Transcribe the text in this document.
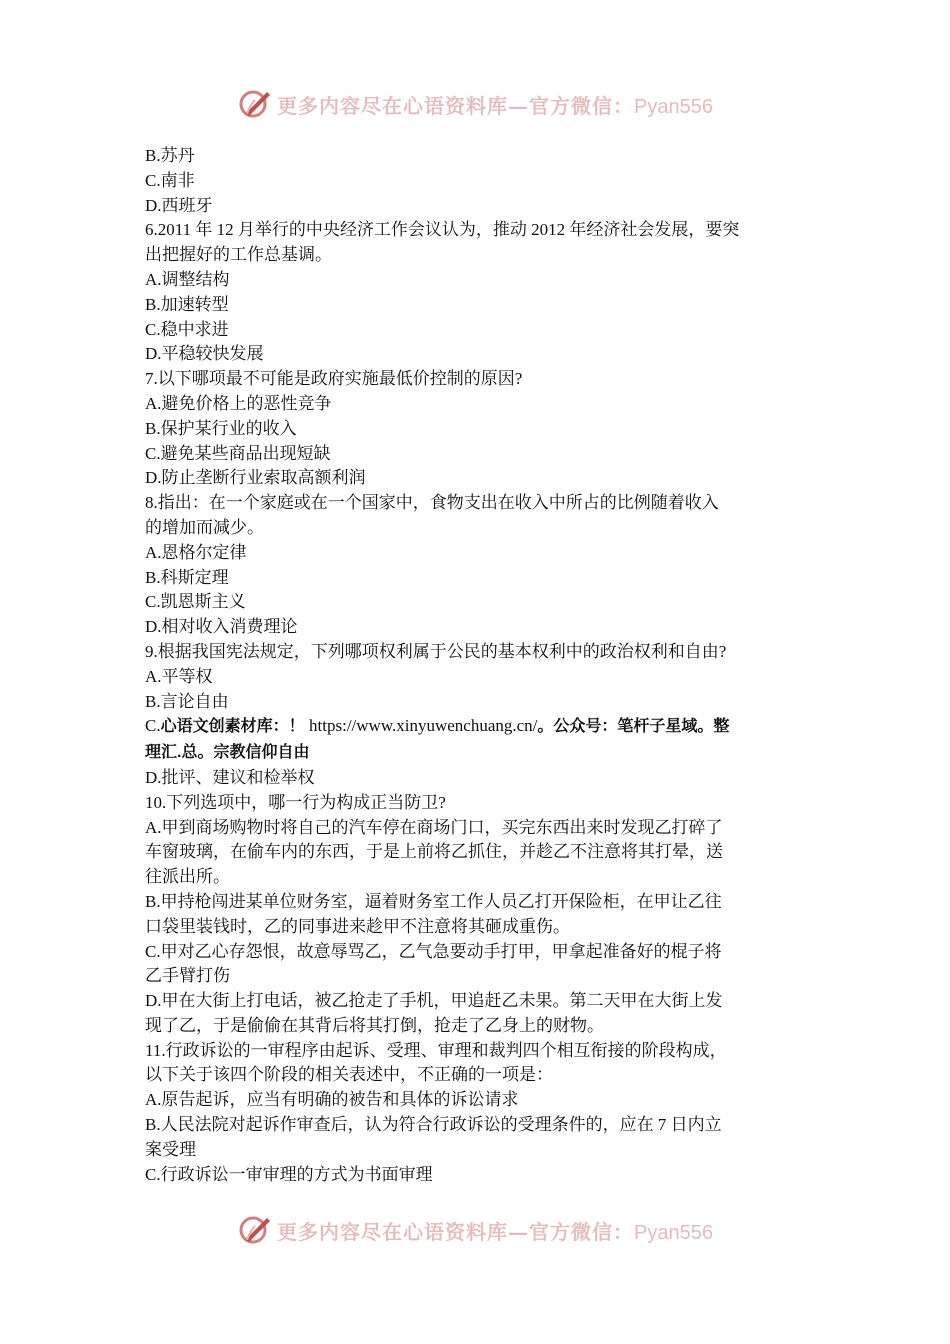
更多内容尽在心语资料库—官方微信：Pyan556
B.苏丹
C.南非
D.西班牙
6.2011 年 12 月举行的中央经济工作会议认为，推动 2012 年经济社会发展，要突
出把握好的工作总基调。
A.调整结构
B.加速转型
C.稳中求进
D.平稳较快发展
7.以下哪项最不可能是政府实施最低价控制的原因?
A.避免价格上的恶性竞争
B.保护某行业的收入
C.避免某些商品出现短缺
D.防止垄断行业索取高额利润
8.指出：在一个家庭或在一个国家中，食物支出在收入中所占的比例随着收入
的增加而减少。
A.恩格尔定律
B.科斯定理
C.凯恩斯主义
D.相对收入消费理论
9.根据我国宪法规定，下列哪项权利属于公民的基本权利中的政治权利和自由?
A.平等权
B.言论自由
C.心语文创素材库：！ https://www.xinyuwenchuang.cn/。公众号：笔杆子星域。整
理汇.总。宗教信仰自由
D.批评、建议和检举权
10.下列选项中，哪一行为构成正当防卫?
A.甲到商场购物时将自己的汽车停在商场门口，买完东西出来时发现乙打碎了
车窗玻璃，在偷车内的东西，于是上前将乙抓住，并趁乙不注意将其打晕，送
往派出所。
B.甲持枪闯进某单位财务室，逼着财务室工作人员乙打开保险柜，在甲让乙往
口袋里装钱时，乙的同事进来趁甲不注意将其砸成重伤。
C.甲对乙心存怨恨，故意辱骂乙，乙气急要动手打甲，甲拿起准备好的棍子将
乙手臂打伤
D.甲在大街上打电话，被乙抢走了手机，甲追赶乙未果。第二天甲在大街上发
现了乙，于是偷偷在其背后将其打倒，抢走了乙身上的财物。
11.行政诉讼的一审程序由起诉、受理、审理和裁判四个相互衔接的阶段构成，
以下关于该四个阶段的相关表述中，不正确的一项是：
A.原告起诉，应当有明确的被告和具体的诉讼请求
B.人民法院对起诉作审查后，认为符合行政诉讼的受理条件的，应在 7 日内立
案受理
C.行政诉讼一审审理的方式为书面审理
更多内容尽在心语资料库—官方微信：Pyan556
